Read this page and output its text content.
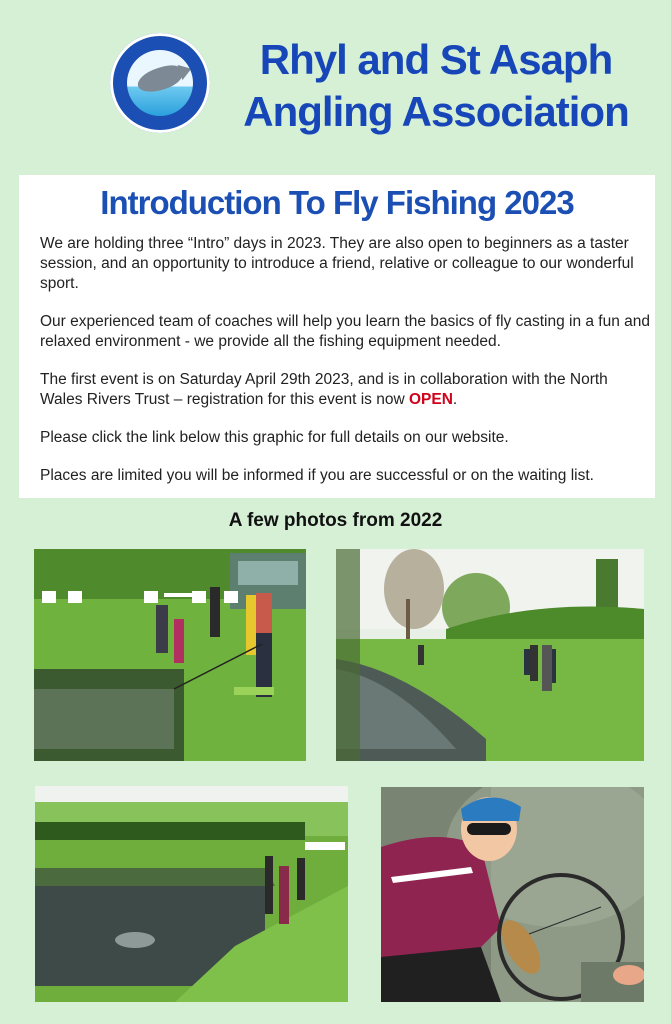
Rhyl and St Asaph
Angling Association
Introduction To Fly Fishing 2023

We are holding three “Intro” days in 2023. They are also open to beginners as a taster session, and an opportunity to introduce a friend, relative or colleague to our wonderful sport.

Our experienced team of coaches will help you learn the basics of fly casting in a fun and relaxed environment - we provide all the fishing equipment needed.

The first event is on Saturday April 29th 2023, and is in collaboration with the North Wales Rivers Trust – registration for this event is now OPEN.

Please click the link below this graphic for full details on our website.

Places are limited you will be informed if you are successful or on the waiting list.

A few photos from 2022
